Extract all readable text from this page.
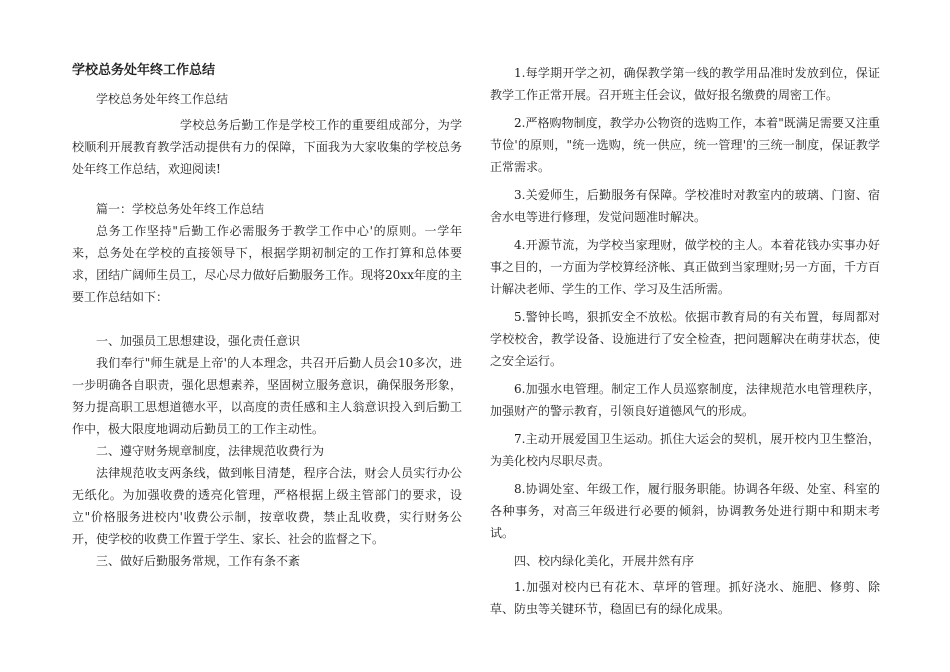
学校总务处年终工作总结

学校总务处年终工作总结

学校总务后勤工作是学校工作的重要组成部分，为学校顺利开展教育教学活动提供有力的保障，下面我为大家收集的学校总务处年终工作总结，欢迎阅读!

篇一：学校总务处年终工作总结

总务工作坚持"后勤工作必需服务于教学工作中心'的原则。一学年来，总务处在学校的直接领导下，根据学期初制定的工作打算和总体要求，团结广阔师生员工，尽心尽力做好后勤服务工作。现将20xx年度的主要工作总结如下：

一、加强员工思想建设，强化责任意识

我们奉行"师生就是上帝'的人本理念，共召开后勤人员会10多次，进一步明确各自职责，强化思想素养，坚固树立服务意识，确保服务形象，努力提高职工思想道德水平，以高度的责任感和主人翁意识投入到后勤工作中，极大限度地调动后勤员工的工作主动性。

二、遵守财务规章制度，法律规范收费行为

法律规范收支两条线，做到帐目清楚，程序合法，财会人员实行办公无纸化。为加强收费的透亮化管理，严格根据上级主管部门的要求，设立"价格服务进校内'收费公示制，按章收费，禁止乱收费，实行财务公开，使学校的收费工作置于学生、家长、社会的监督之下。

三、做好后勤服务常规，工作有条不紊

1.每学期开学之初，确保教学第一线的教学用品准时发放到位，保证教学工作正常开展。召开班主任会议，做好报名缴费的周密工作。

2.严格购物制度，教学办公物资的选购工作，本着"既满足需要又注重节俭'的原则，"统一选购，统一供应，统一管理'的三统一制度，保证教学正常需求。

3.关爱师生，后勤服务有保障。学校准时对教室内的玻璃、门窗、宿舍水电等进行修理，发觉问题准时解决。

4.开源节流，为学校当家理财，做学校的主人。本着花钱办实事办好事之目的，一方面为学校算经济帐、真正做到当家理财;另一方面，千方百计解决老师、学生的工作、学习及生活所需。

5.警钟长鸣，狠抓安全不放松。依据市教育局的有关布置，每周都对学校校舍，教学设备、设施进行了安全检查，把问题解决在萌芽状态，使之安全运行。

6.加强水电管理。制定工作人员巡察制度，法律规范水电管理秩序，加强财产的警示教育，引领良好道德风气的形成。

7.主动开展爱国卫生运动。抓住大运会的契机，展开校内卫生整治，为美化校内尽职尽责。

8.协调处室、年级工作，履行服务职能。协调各年级、处室、科室的各种事务，对高三年级进行必要的倾斜，协调教务处进行期中和期末考试。

四、校内绿化美化，开展井然有序

1.加强对校内已有花木、草坪的管理。抓好浇水、施肥、修剪、除草、防虫等关键环节，稳固已有的绿化成果。
